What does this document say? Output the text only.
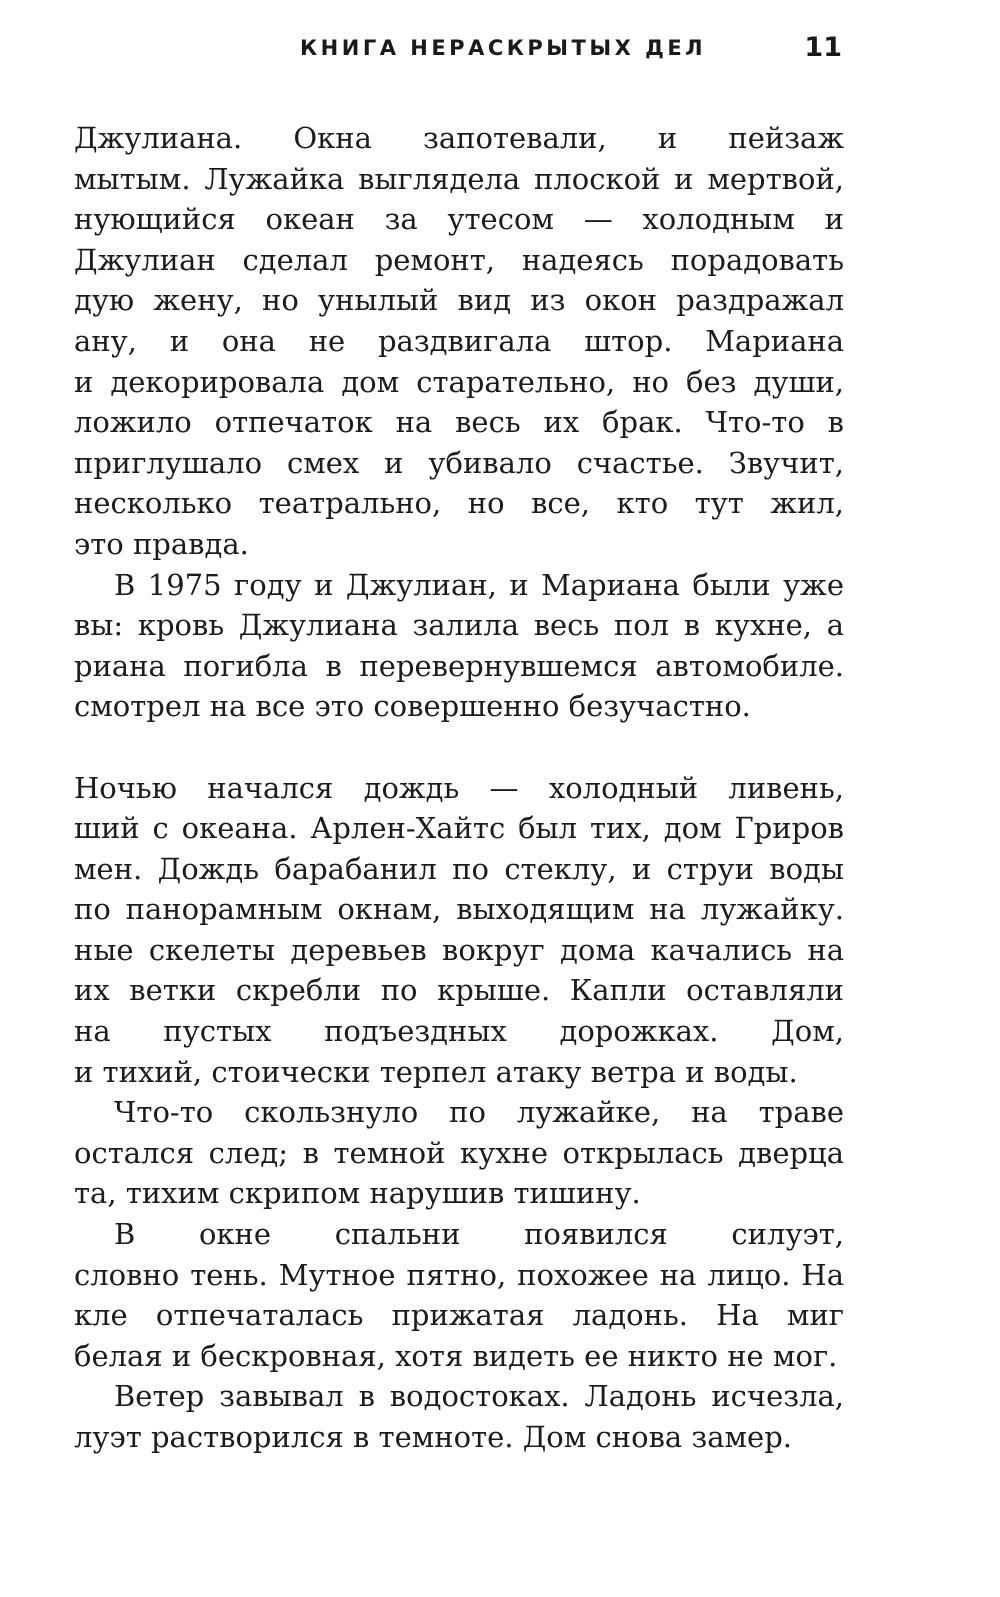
КНИГА НЕРАСКРЫТЫХ ДЕЛ	11
Джулиана. Окна запотевали, и пейзаж
мытым. Лужайка выглядела плоской и мертвой,
нующийся океан за утесом — холодным и
Джулиан сделал ремонт, надеясь порадовать
дую жену, но унылый вид из окон раздражал
ану, и она не раздвигала штор. Мариана
и декорировала дом старательно, но без души,
ложило отпечаток на весь их брак. Что-то в
приглушало смех и убивало счастье. Звучит,
несколько театрально, но все, кто тут жил,
это правда.
В 1975 году и Джулиан, и Мариана были уже
вы: кровь Джулиана залила весь пол в кухне, а
риана погибла в перевернувшемся автомобиле.
смотрел на все это совершенно безучастно.
Ночью начался дождь — холодный ливень,
ший с океана. Арлен-Хайтс был тих, дом Гриров
мен. Дождь барабанил по стеклу, и струи воды
по панорамным окнам, выходящим на лужайку.
ные скелеты деревьев вокруг дома качались на
их ветки скребли по крыше. Капли оставляли
на пустых подъездных дорожках. Дом,
и тихий, стоически терпел атаку ветра и воды.
Что-то скользнуло по лужайке, на траве
остался след; в темной кухне открылась дверца
та, тихим скрипом нарушив тишину.
В окне спальни появился силуэт,
словно тень. Мутное пятно, похожее на лицо. На
кле отпечаталась прижатая ладонь. На миг
белая и бескровная, хотя видеть ее никто не мог.
Ветер завывал в водостоках. Ладонь исчезла,
луэт растворился в темноте. Дом снова замер.
